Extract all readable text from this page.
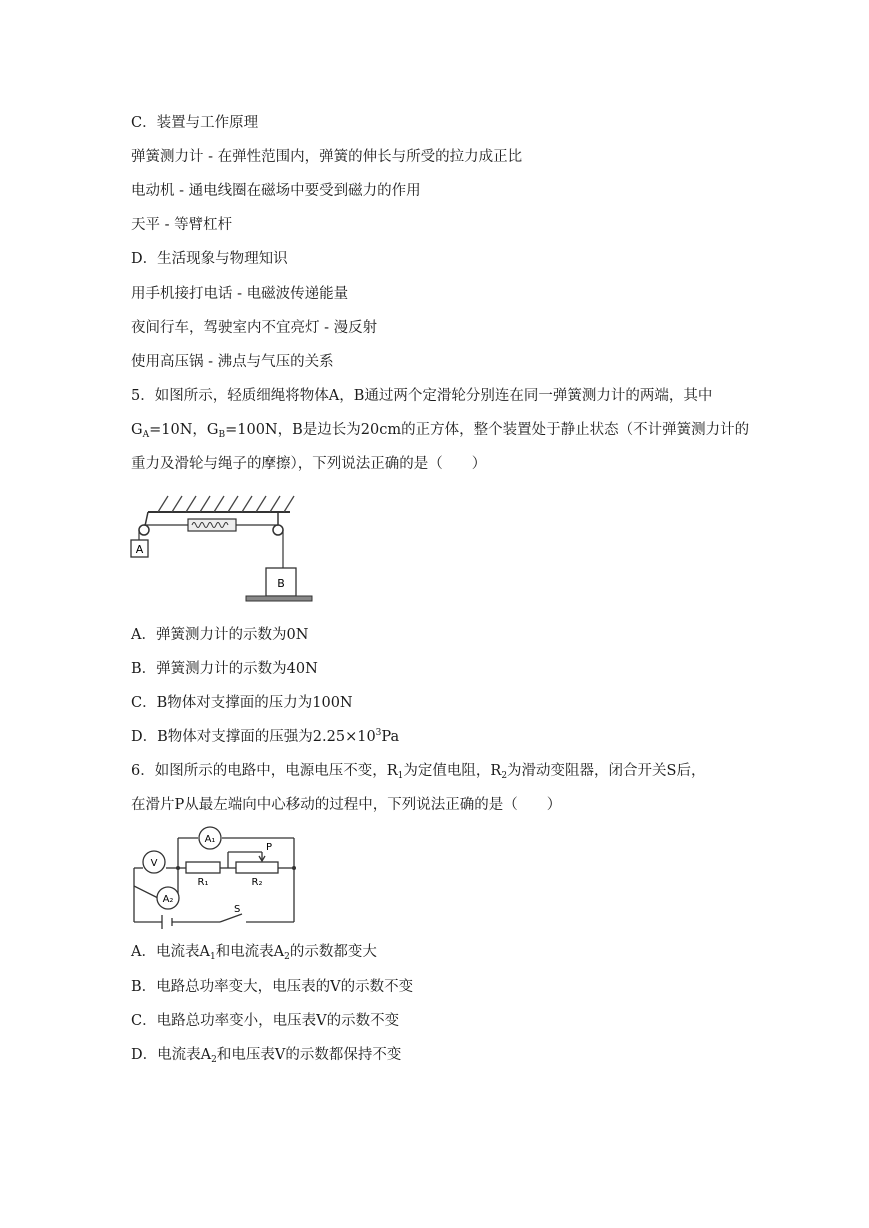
C．装置与工作原理
弹簧测力计 - 在弹性范围内，弹簧的伸长与所受的拉力成正比
电动机 - 通电线圈在磁场中要受到磁力的作用
天平 - 等臂杠杆
D．生活现象与物理知识
用手机接打电话 - 电磁波传递能量
夜间行车，驾驶室内不宜亮灯 - 漫反射
使用高压锅 - 沸点与气压的关系
5．如图所示，轻质细绳将物体A，B通过两个定滑轮分别连在同一弹簧测力计的两端，其中
$G_A=10N$，$G_B=100N$，B是边长为20cm的正方体，整个装置处于静止状态（不计弹簧测力计的
重力及滑轮与绳子的摩擦），下列说法正确的是（　　）
A
B
A．弹簧测力计的示数为0N
B．弹簧测力计的示数为40N
C．B物体对支撑面的压力为100N
D．B物体对支撑面的压强为$2.25\times 10^3Pa$
6．如图所示的电路中，电源电压不变，$R_1$为定值电阻，$R_2$为滑动变阻器，闭合开关S后，
在滑片P从最左端向中心移动的过程中，下列说法正确的是（　　）
V
A₁
A₂
R₁	R₂
P
S
A．电流表$A_1$和电流表$A_2$的示数都变大
B．电路总功率变大，电压表的V的示数不变
C．电路总功率变小，电压表V的示数不变
D．电流表$A_2$和电压表V的示数都保持不变
